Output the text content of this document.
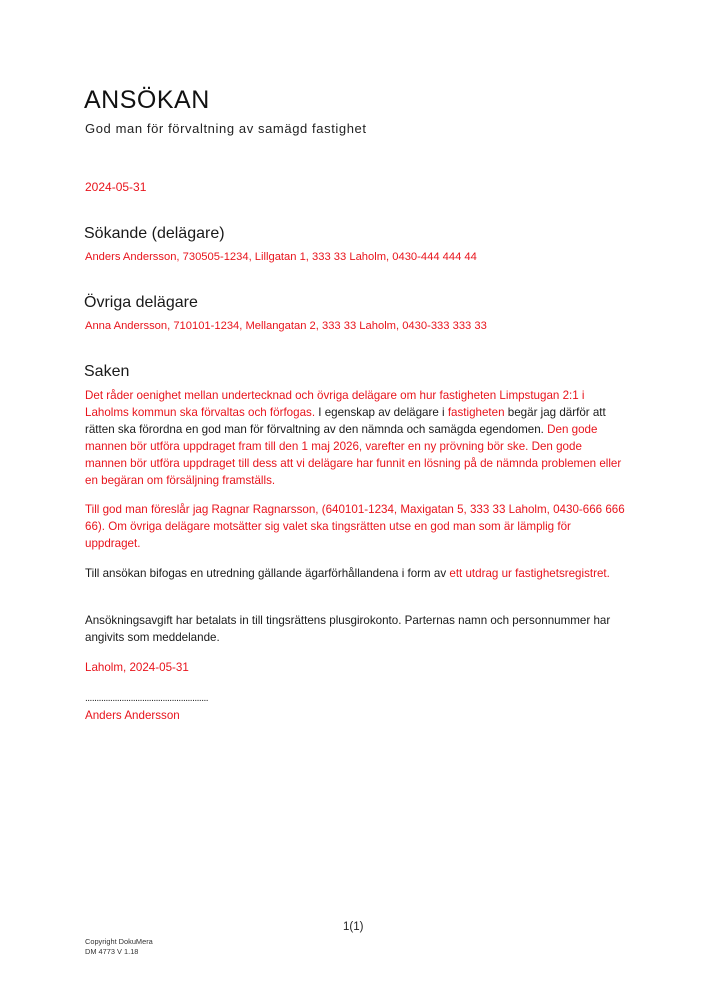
ANSÖKAN
God man för förvaltning av samägd fastighet
2024-05-31
Sökande (delägare)
Anders Andersson, 730505-1234, Lillgatan 1, 333 33 Laholm, 0430-444 444 44
Övriga delägare
Anna Andersson, 710101-1234, Mellangatan 2, 333 33 Laholm, 0430-333 333 33
Saken

Det råder oenighet mellan undertecknad och övriga delägare om hur fastigheten Limpstugan 2:1 i Laholms kommun ska förvaltas och förfogas. I egenskap av delägare i fastigheten begär jag därför att rätten ska förordna en god man för förvaltning av den nämnda och samägda egendomen. Den gode mannen bör utföra uppdraget fram till den 1 maj 2026, varefter en ny prövning bör ske. Den gode mannen bör utföra uppdraget till dess att vi delägare har funnit en lösning på de nämnda problemen eller en begäran om försäljning framställs.

Till god man föreslår jag Ragnar Ragnarsson, (640101-1234, Maxigatan 5, 333 33 Laholm, 0430-666 666 66). Om övriga delägare motsätter sig valet ska tingsrätten utse en god man som är lämplig för uppdraget.

Till ansökan bifogas en utredning gällande ägarförhållandena i form av ett utdrag ur fastighetsregistret.

Ansökningsavgift har betalats in till tingsrättens plusgirokonto. Parternas namn och personnummer har angivits som meddelande.

Laholm, 2024-05-31
......................................................
Anders Andersson
1(1)
Copyright DokuMera
DM 4773 V 1.18
